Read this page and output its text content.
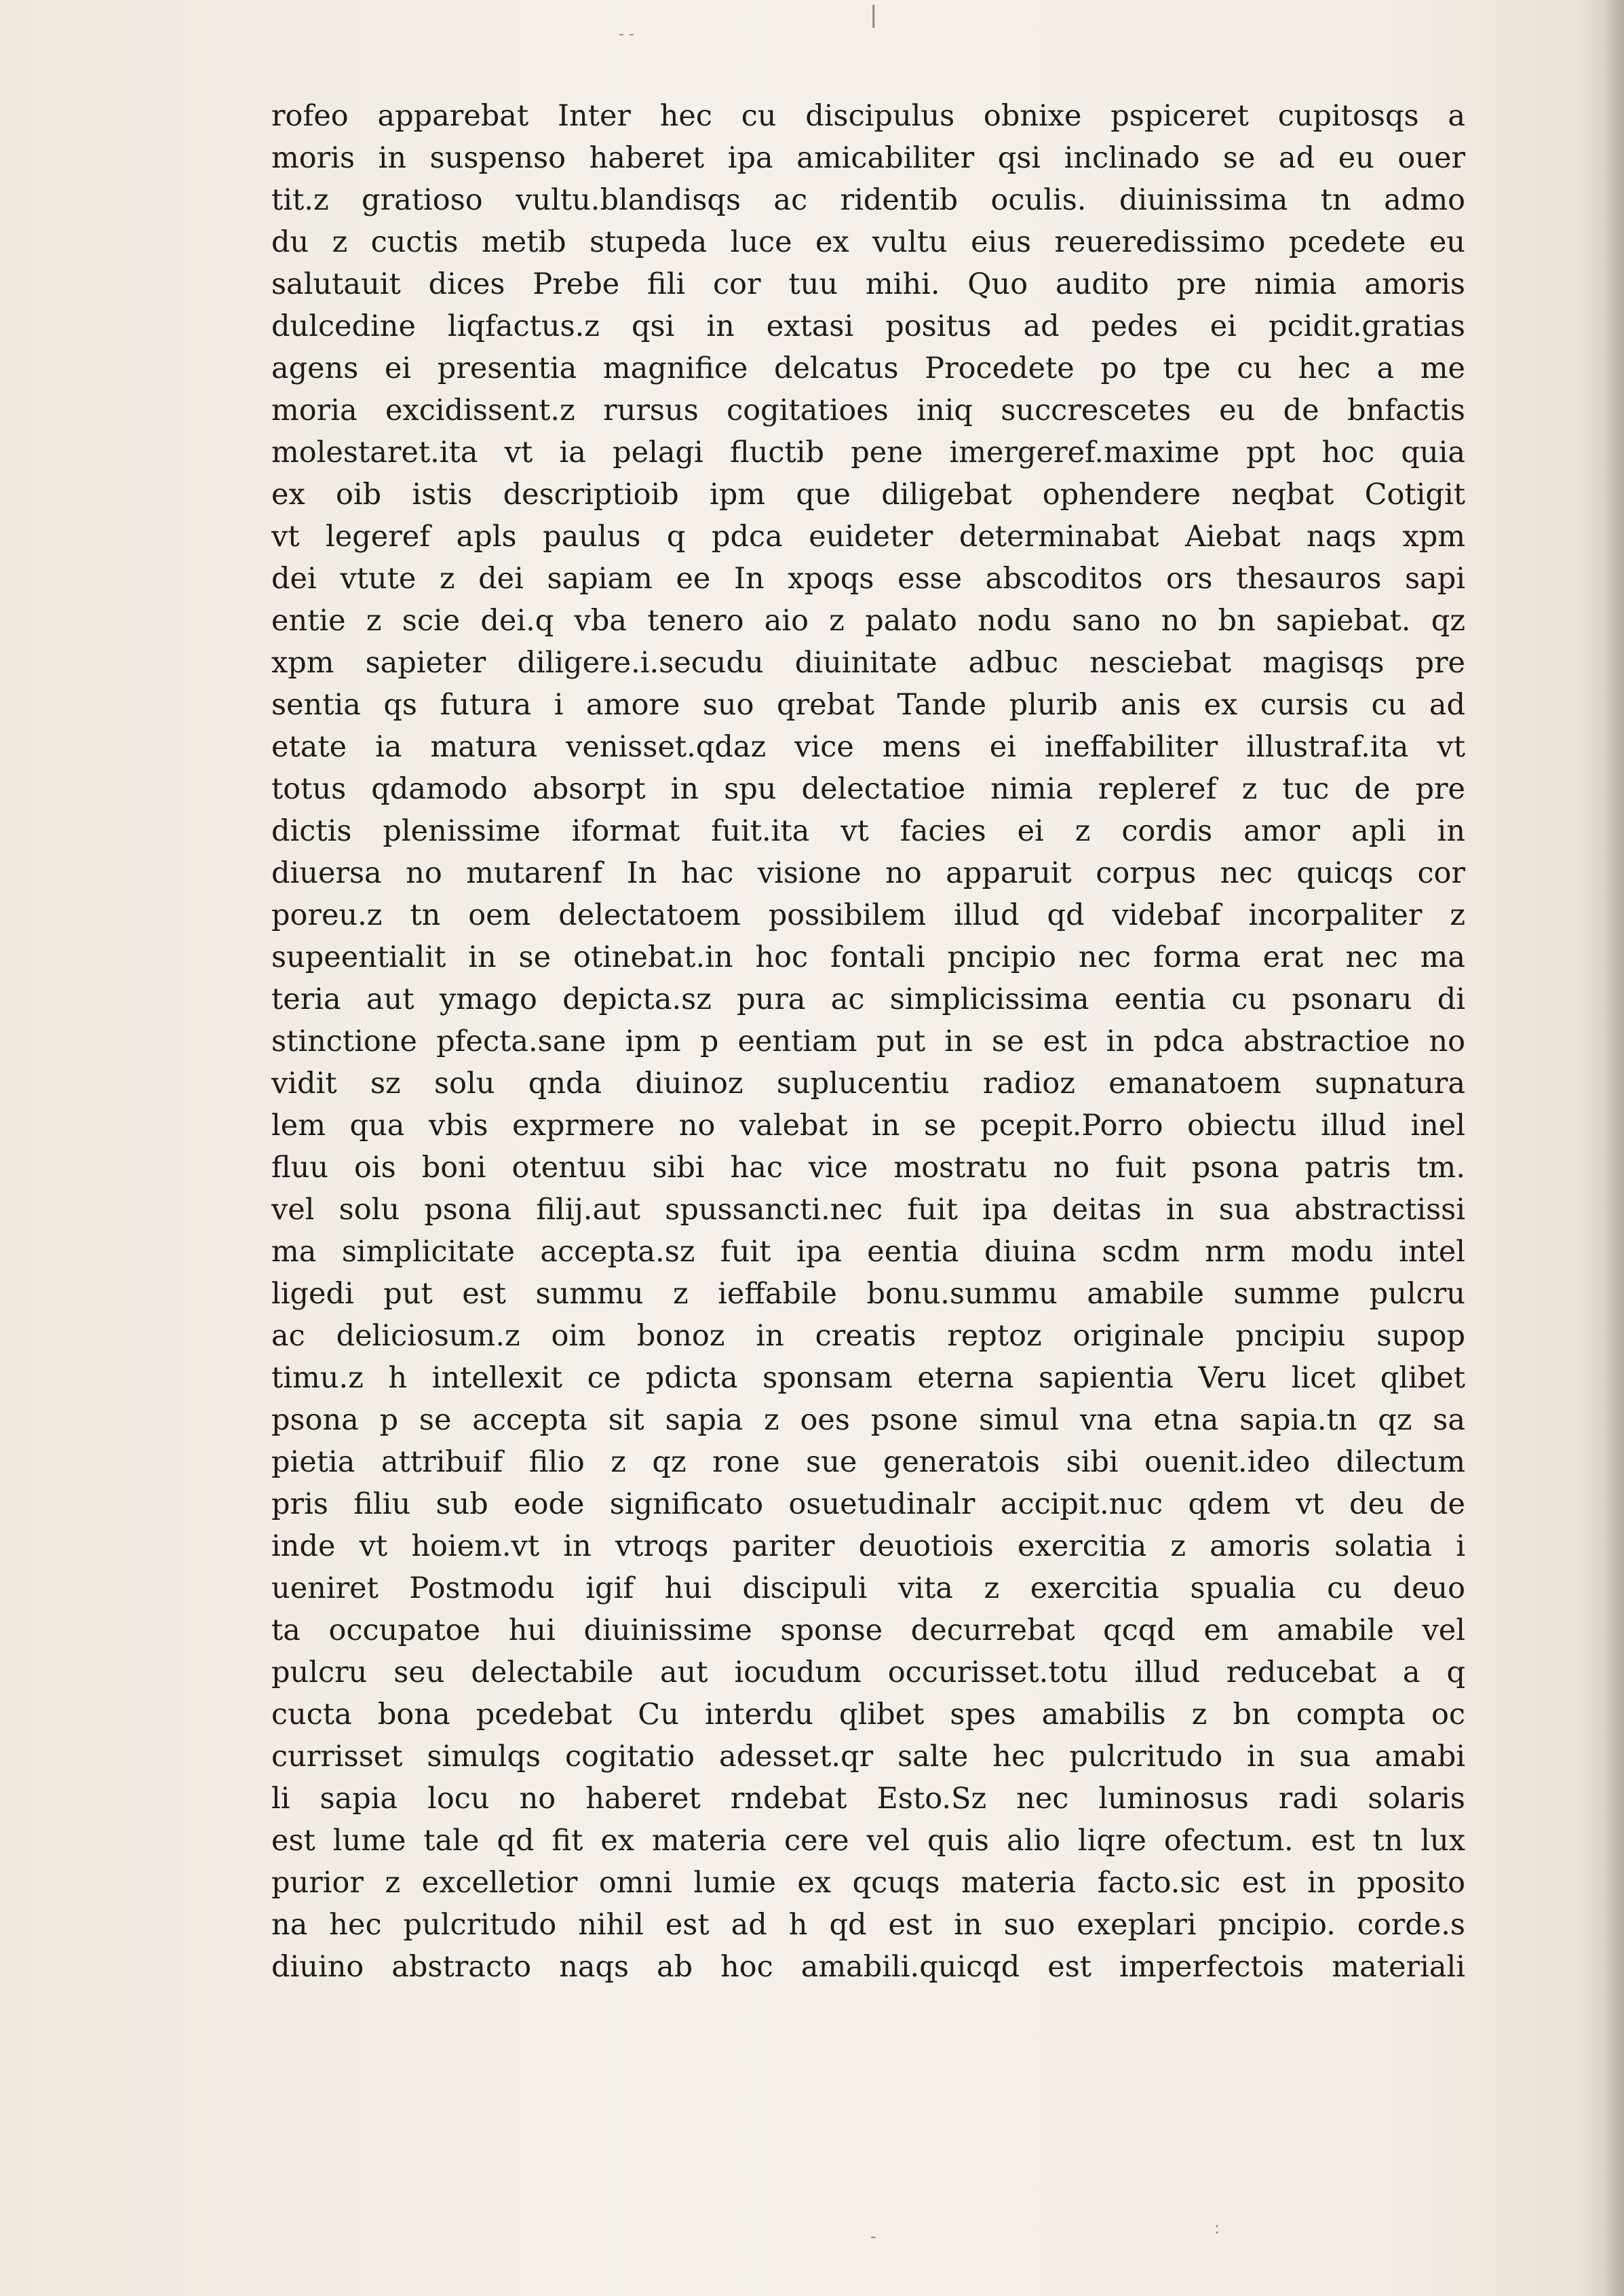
|
- -
:
-
rofeo apparebat Inter hec cu discipulus obnixe pspiceret cupitosqs a
moris in suspenso haberet ipa amicabiliter qsi inclinado se ad eu ouer
tit.z gratioso vultu.blandisqs ac ridentib oculis. diuinissima tn admo
du z cuctis metib stupeda luce ex vultu eius reueredissimo pcedete eu
salutauit dices Prebe fili cor tuu mihi. Quo audito pre nimia amoris
dulcedine liqfactus.z qsi in extasi positus ad pedes ei pcidit.gratias
agens ei presentia magnifice delcatus Procedete po tpe cu hec a me
moria excidissent.z rursus cogitatioes iniq succrescetes eu de bnfactis
molestaret.ita vt ia pelagi fluctib pene imergeref.maxime ppt hoc quia
ex oib istis descriptioib ipm que diligebat ophendere neqbat Cotigit
vt legeref apls paulus q pdca euideter determinabat Aiebat naqs xpm
dei vtute z dei sapiam ee In xpoqs esse abscoditos ors thesauros sapi
entie z scie dei.q vba tenero aio z palato nodu sano no bn sapiebat. qz
xpm sapieter diligere.i.secudu diuinitate adbuc nesciebat magisqs pre
sentia qs futura i amore suo qrebat Tande plurib anis ex cursis cu ad
etate ia matura venisset.qdaz vice mens ei ineffabiliter illustraf.ita vt
totus qdamodo absorpt in spu delectatioe nimia repleref z tuc de pre
dictis plenissime iformat fuit.ita vt facies ei z cordis amor apli in
diuersa no mutarenf In hac visione no apparuit corpus nec quicqs cor
poreu.z tn oem delectatoem possibilem illud qd videbaf incorpaliter z
supeentialit in se otinebat.in hoc fontali pncipio nec forma erat nec ma
teria aut ymago depicta.sz pura ac simplicissima eentia cu psonaru di
stinctione pfecta.sane ipm p eentiam put in se est in pdca abstractioe no
vidit sz solu qnda diuinoz suplucentiu radioz emanatoem supnatura
lem qua vbis exprmere no valebat in se pcepit.Porro obiectu illud inel
fluu ois boni otentuu sibi hac vice mostratu no fuit psona patris tm.
vel solu psona filij.aut spussancti.nec fuit ipa deitas in sua abstractissi
ma simplicitate accepta.sz fuit ipa eentia diuina scdm nrm modu intel
ligedi put est summu z ieffabile bonu.summu amabile summe pulcru
ac deliciosum.z oim bonoz in creatis reptoz originale pncipiu supop
timu.z h intellexit ce pdicta sponsam eterna sapientia Veru licet qlibet
psona p se accepta sit sapia z oes psone simul vna etna sapia.tn qz sa
pietia attribuif filio z qz rone sue generatois sibi ouenit.ideo dilectum
pris filiu sub eode significato osuetudinalr accipit.nuc qdem vt deu de
inde vt hoiem.vt in vtroqs pariter deuotiois exercitia z amoris solatia i
ueniret Postmodu igif hui discipuli vita z exercitia spualia cu deuo
ta occupatoe hui diuinissime sponse decurrebat qcqd em amabile vel
pulcru seu delectabile aut iocudum occurisset.totu illud reducebat a q
cucta bona pcedebat Cu interdu qlibet spes amabilis z bn compta oc
currisset simulqs cogitatio adesset.qr salte hec pulcritudo in sua amabi
li sapia locu no haberet rndebat Esto.Sz nec luminosus radi solaris
est lume tale qd fit ex materia cere vel quis alio liqre ofectum. est tn lux
purior z excelletior omni lumie ex qcuqs materia facto.sic est in pposito
na hec pulcritudo nihil est ad h qd est in suo exeplari pncipio. corde.s
diuino abstracto naqs ab hoc amabili.quicqd est imperfectois materiali
